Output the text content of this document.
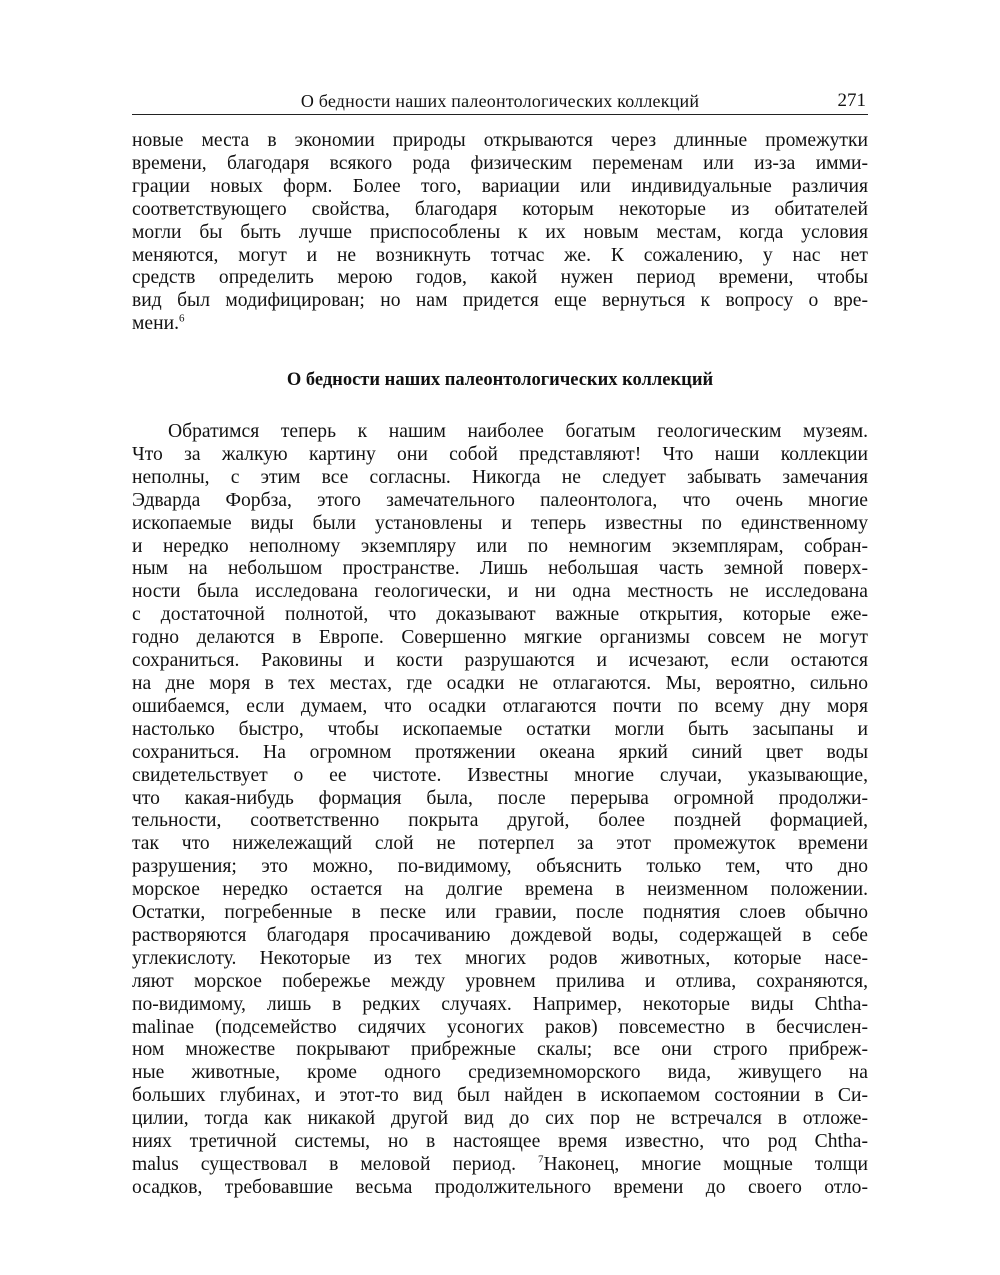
О бедности наших палеонтологических коллекций	271
новые места в экономии природы открываются через длинные промежутки
времени, благодаря всякого рода физическим переменам или из-за имми-
грации новых форм. Более того, вариации или индивидуальные различия
соответствующего свойства, благодаря которым некоторые из обитателей
могли бы быть лучше приспособлены к их новым местам, когда условия
меняются, могут и не возникнуть тотчас же. К сожалению, у нас нет
средств определить мерою годов, какой нужен период времени, чтобы
вид был модифицирован; но нам придется еще вернуться к вопросу о вре-
мени.$^6$
О бедности наших палеонтологических коллекций
Обратимся теперь к нашим наиболее богатым геологическим музеям.
Что за жалкую картину они собой представляют! Что наши коллекции
неполны, с этим все согласны. Никогда не следует забывать замечания
Эдварда Форбза, этого замечательного палеонтолога, что очень многие
ископаемые виды были установлены и теперь известны по единственному
и нередко неполному экземпляру или по немногим экземплярам, собран-
ным на небольшом пространстве. Лишь небольшая часть земной поверх-
ности была исследована геологически, и ни одна местность не исследована
с достаточной полнотой, что доказывают важные открытия, которые еже-
годно делаются в Европе. Совершенно мягкие организмы совсем не могут
сохраниться. Раковины и кости разрушаются и исчезают, если остаются
на дне моря в тех местах, где осадки не отлагаются. Мы, вероятно, сильно
ошибаемся, если думаем, что осадки отлагаются почти по всему дну моря
настолько быстро, чтобы ископаемые остатки могли быть засыпаны и
сохраниться. На огромном протяжении океана яркий синий цвет воды
свидетельствует о ее чистоте. Известны многие случаи, указывающие,
что какая-нибудь формация была, после перерыва огромной продолжи-
тельности, соответственно покрыта другой, более поздней формацией,
так что нижележащий слой не потерпел за этот промежуток времени
разрушения; это можно, по-видимому, объяснить только тем, что дно
морское нередко остается на долгие времена в неизменном положении.
Остатки, погребенные в песке или гравии, после поднятия слоев обычно
растворяются благодаря просачиванию дождевой воды, содержащей в себе
углекислоту. Некоторые из тех многих родов животных, которые насе-
ляют морское побережье между уровнем прилива и отлива, сохраняются,
по-видимому, лишь в редких случаях. Например, некоторые виды Chtha-
malinae (подсемейство сидячих усоногих раков) повсеместно в бесчислен-
ном множестве покрывают прибрежные скалы; все они строго прибреж-
ные животные, кроме одного средиземноморского вида, живущего на
больших глубинах, и этот-то вид был найден в ископаемом состоянии в Си-
цилии, тогда как никакой другой вид до сих пор не встречался в отложе-
ниях третичной системы, но в настоящее время известно, что род Chtha-
malus существовал в меловой период. $^7$Наконец, многие мощные толщи
осадков, требовавшие весьма продолжительного времени до своего отло-
